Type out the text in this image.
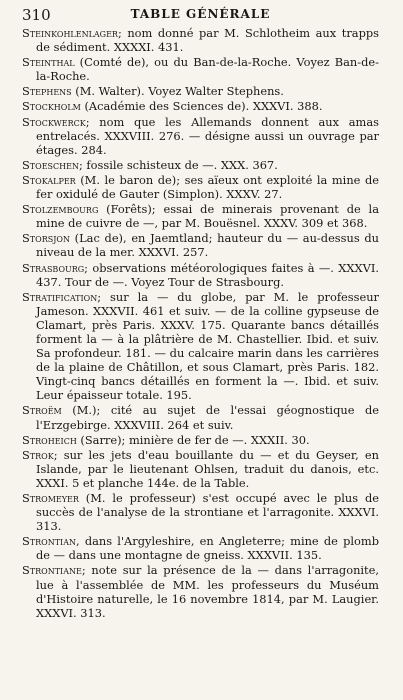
310	TABLE GÉNÉRALE

Steinkohlenlager; nom donné par M. Schlotheim aux trapps de sédiment. XXXXI. 431.

Steinthal (Comté de), ou du Ban-de-la-Roche. Voyez Ban-de-la-Roche.

Stephens (M. Walter). Voyez Walter Stephens.

Stockholm (Académie des Sciences de). XXXVI. 388.

Stockwerck; nom que les Allemands donnent aux amas entrelacés. XXXVIII. 276. — désigne aussi un ouvrage par étages. 284.

Stoeschen; fossile schisteux de —. XXX. 367.

Stokalper (M. le baron de); ses aïeux ont exploité la mine de fer oxidulé de Gauter (Simplon). XXXV. 27.

Stolzembourg (Forêts); essai de minerais provenant de la mine de cuivre de —, par M. Bouësnel. XXXV. 309 et 368.

Storsjon (Lac de), en Jaemtland; hauteur du — au-dessus du niveau de la mer. XXXVI. 257.

Strasbourg; observations météorologiques faites à —. XXXVI. 437. Tour de —. Voyez Tour de Strasbourg.

Stratification; sur la — du globe, par M. le professeur Jameson. XXXVII. 461 et suiv. — de la colline gypseuse de Clamart, près Paris. XXXV. 175. Quarante bancs détaillés forment la — à la plâtrière de M. Chastellier. Ibid. et suiv. Sa profondeur. 181. — du calcaire marin dans les carrières de la plaine de Châtillon, et sous Clamart, près Paris. 182. Vingt-cinq bancs détaillés en forment la —. Ibid. et suiv. Leur épaisseur totale. 195.

Stroëm (M.); cité au sujet de l'essai géognostique de l'Erzgebirge. XXXVIII. 264 et suiv.

Stroheich (Sarre); minière de fer de —. XXXII. 30.

Strok; sur les jets d'eau bouillante du — et du Geyser, en Islande, par le lieutenant Ohlsen, traduit du danois, etc. XXXI. 5 et planche 144e. de la Table.

Stromeyer (M. le professeur) s'est occupé avec le plus de succès de l'analyse de la strontiane et l'arragonite. XXXVI. 313.

Strontian, dans l'Argyleshire, en Angleterre; mine de plomb de — dans une montagne de gneiss. XXXVII. 135.

Strontiane; note sur la présence de la — dans l'arragonite, lue à l'assemblée de MM. les professeurs du Muséum d'Histoire naturelle, le 16 novembre 1814, par M. Laugier. XXXVI. 313.
